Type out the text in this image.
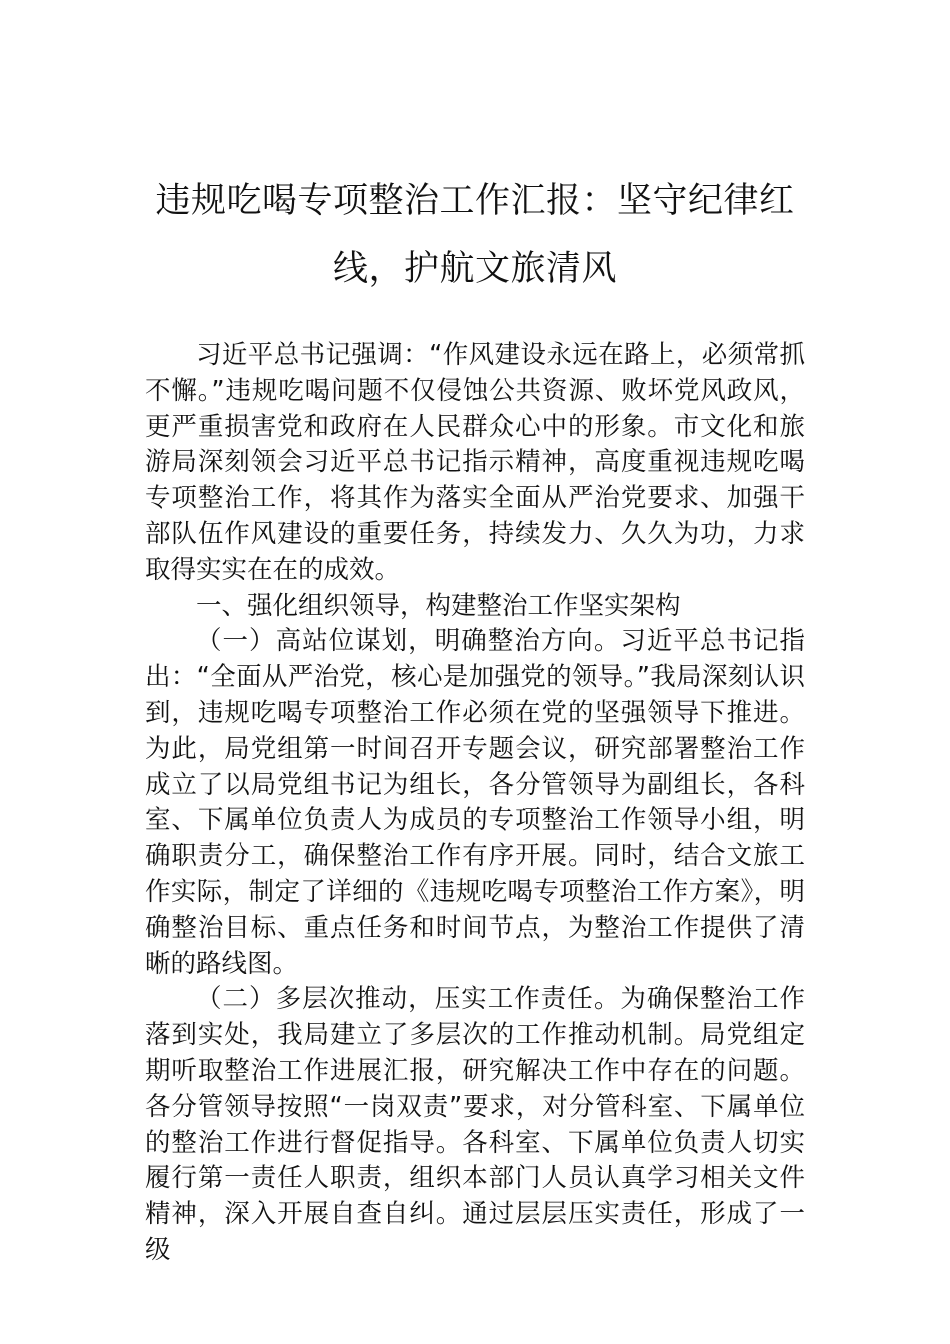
违规吃喝专项整治工作汇报：坚守纪律红
线，护航文旅清风

习近平总书记强调：“作风建设永远在路上，必须常抓不懈。”违规吃喝问题不仅侵蚀公共资源、败坏党风政风，更严重损害党和政府在人民群众心中的形象。市文化和旅游局深刻领会习近平总书记指示精神，高度重视违规吃喝专项整治工作，将其作为落实全面从严治党要求、加强干部队伍作风建设的重要任务，持续发力、久久为功，力求取得实实在在的成效。

一、强化组织领导，构建整治工作坚实架构

（一）高站位谋划，明确整治方向。习近平总书记指出：“全面从严治党，核心是加强党的领导。”我局深刻认识到，违规吃喝专项整治工作必须在党的坚强领导下推进。为此，局党组第一时间召开专题会议，研究部署整治工作成立了以局党组书记为组长，各分管领导为副组长，各科室、下属单位负责人为成员的专项整治工作领导小组，明确职责分工，确保整治工作有序开展。同时，结合文旅工作实际，制定了详细的《违规吃喝专项整治工作方案》，明确整治目标、重点任务和时间节点，为整治工作提供了清晰的路线图。

（二）多层次推动，压实工作责任。为确保整治工作落到实处，我局建立了多层次的工作推动机制。局党组定期听取整治工作进展汇报，研究解决工作中存在的问题。各分管领导按照“一岗双责”要求，对分管科室、下属单位的整治工作进行督促指导。各科室、下属单位负责人切实履行第一责任人职责，组织本部门人员认真学习相关文件精神，深入开展自查自纠。通过层层压实责任，形成了一级
